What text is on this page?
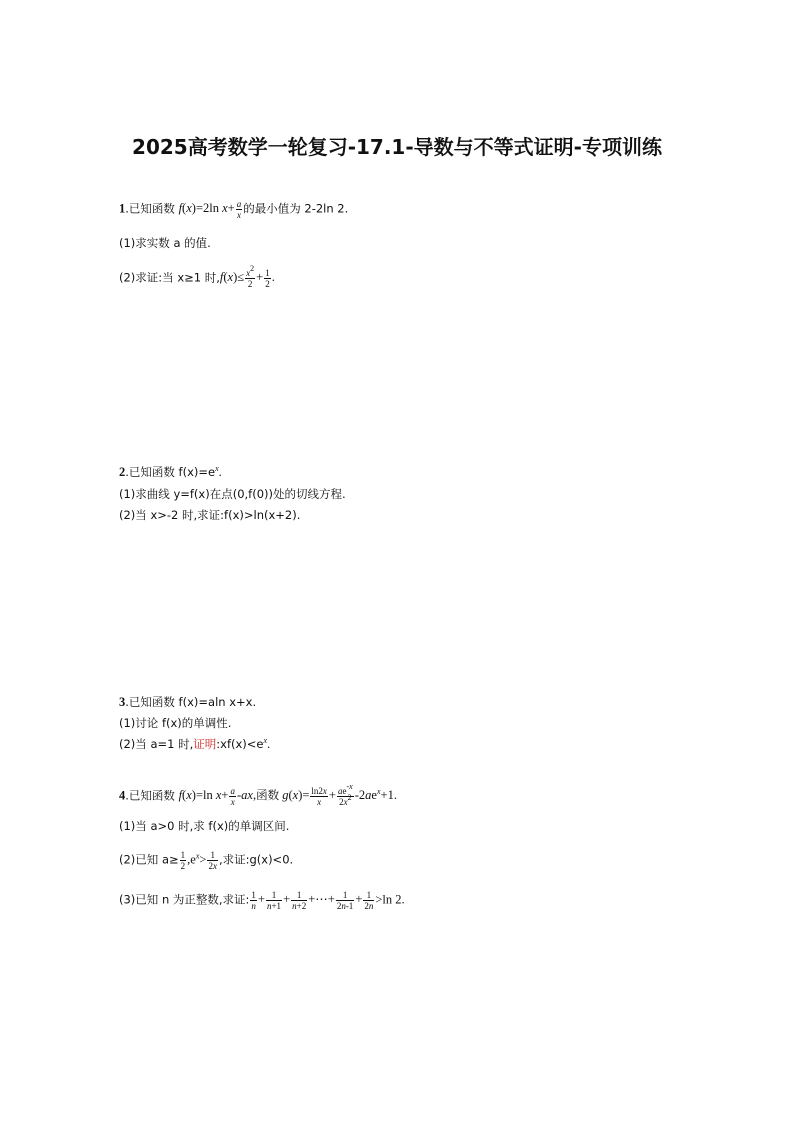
2025高考数学一轮复习-17.1-导数与不等式证明-专项训练
1.已知函数 f(x)=2ln $x+ \frac{a}{x}$ 的最小值为 2-2ln 2.
(1)求实数 a 的值.
(2)求证:当 x≥1 时$,f(x)\le \frac{x^2}{2} + \frac{1}{2}$ .
2.已知函数 $f(x)=e^x$.
(1)求曲线 y=f(x)在点(0,f(0))处的切线方程.
(2)当 x>-2 时,求证:f(x)>ln(x+2).
3.已知函数 f(x)=aln x+x.
(1)讨论 f(x)的单调性.
(2)当 a=1 时,证明$:xf(x)<e^x$.
4.已知函数 f(x)=ln $x+ \frac{a}{x} -ax$,函数 $g(x)= \frac{\ln 2x}{x} + \frac{ae^{-x}}{2x^2} -2ae^x+1$.
(1)当 a>0 时,求 f(x)的单调区间.
(2)已知 $a\ge \frac{1}{2} ,e^x> \frac{1}{2x}$ ,求证:g(x)<0.
(3)已知 n 为正整数,求证: $\frac{1}{n} + \frac{1}{n+1} + \frac{1}{n+2}$ +⋯+ $\frac{1}{2n-1} + \frac{1}{2n} >\ln$ 2.
